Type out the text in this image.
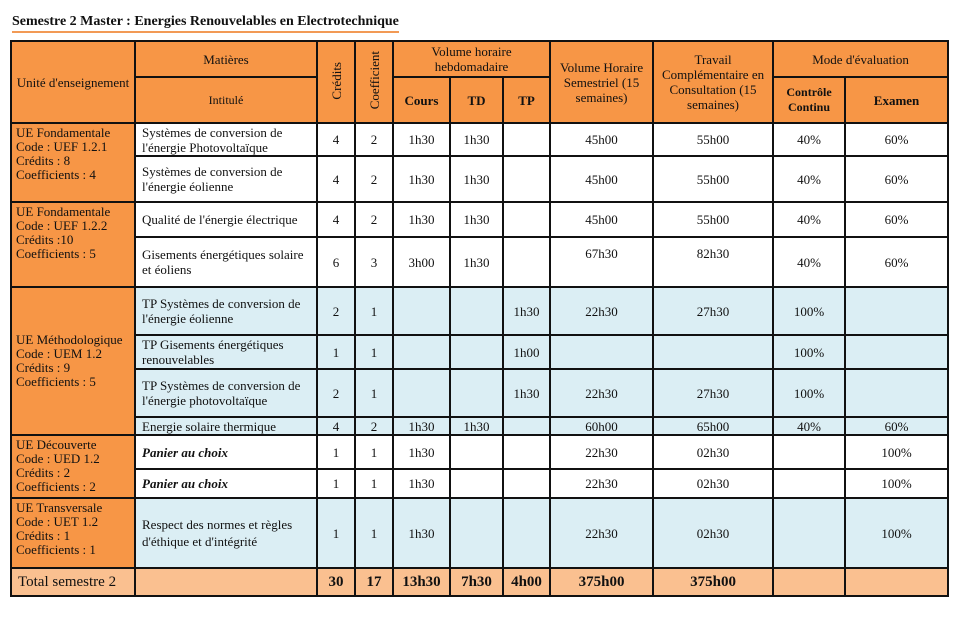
Semestre 2 Master : Energies Renouvelables en Electrotechnique
Unité d'enseignement	Matières	Crédits	Coefficient	Volume horaire hebdomadaire			Volume Horaire Semestriel (15 semaines)	Travail Complémentaire en Consultation (15 semaines)	Mode d'évaluation	
	Intitulé			Cours	TD	TP			Contrôle Continu	Examen

UE Fondamentale
Code : UEF 1.2.1
Crédits : 8
Coefficients : 4	Systèmes de conversion de l'énergie Photovoltaïque	4	2	1h30	1h30		45h00	55h00	40%	60%
	Systèmes de conversion de l'énergie éolienne	4	2	1h30	1h30		45h00	55h00	40%	60%

UE Fondamentale
Code : UEF 1.2.2
Crédits :10
Coefficients : 5	Qualité de l'énergie électrique	4	2	1h30	1h30		45h00	55h00	40%	60%
	Gisements énergétiques solaire et éoliens	6	3	3h00	1h30		67h30	82h30	40%	60%

UE Méthodologique
Code : UEM 1.2
Crédits : 9
Coefficients : 5	TP Systèmes de conversion de l'énergie éolienne	2	1			1h30	22h30	27h30	100%	
	TP Gisements énergétiques renouvelables	1	1			1h00			100%	
	TP Systèmes de conversion de l'énergie photovoltaïque	2	1			1h30	22h30	27h30	100%	
	Energie solaire thermique	4	2	1h30	1h30		60h00	65h00	40%	60%

UE Découverte
Code : UED 1.2
Crédits : 2
Coefficients : 2	Panier au choix	1	1	1h30			22h30	02h30		100%
	Panier au choix	1	1	1h30			22h30	02h30		100%

UE Transversale
Code : UET 1.2
Crédits : 1
Coefficients : 1	Respect des normes et règles d'éthique et d'intégrité	1	1	1h30			22h30	02h30		100%
Total semestre 2		30	17	13h30	7h30	4h00	375h00	375h00		
